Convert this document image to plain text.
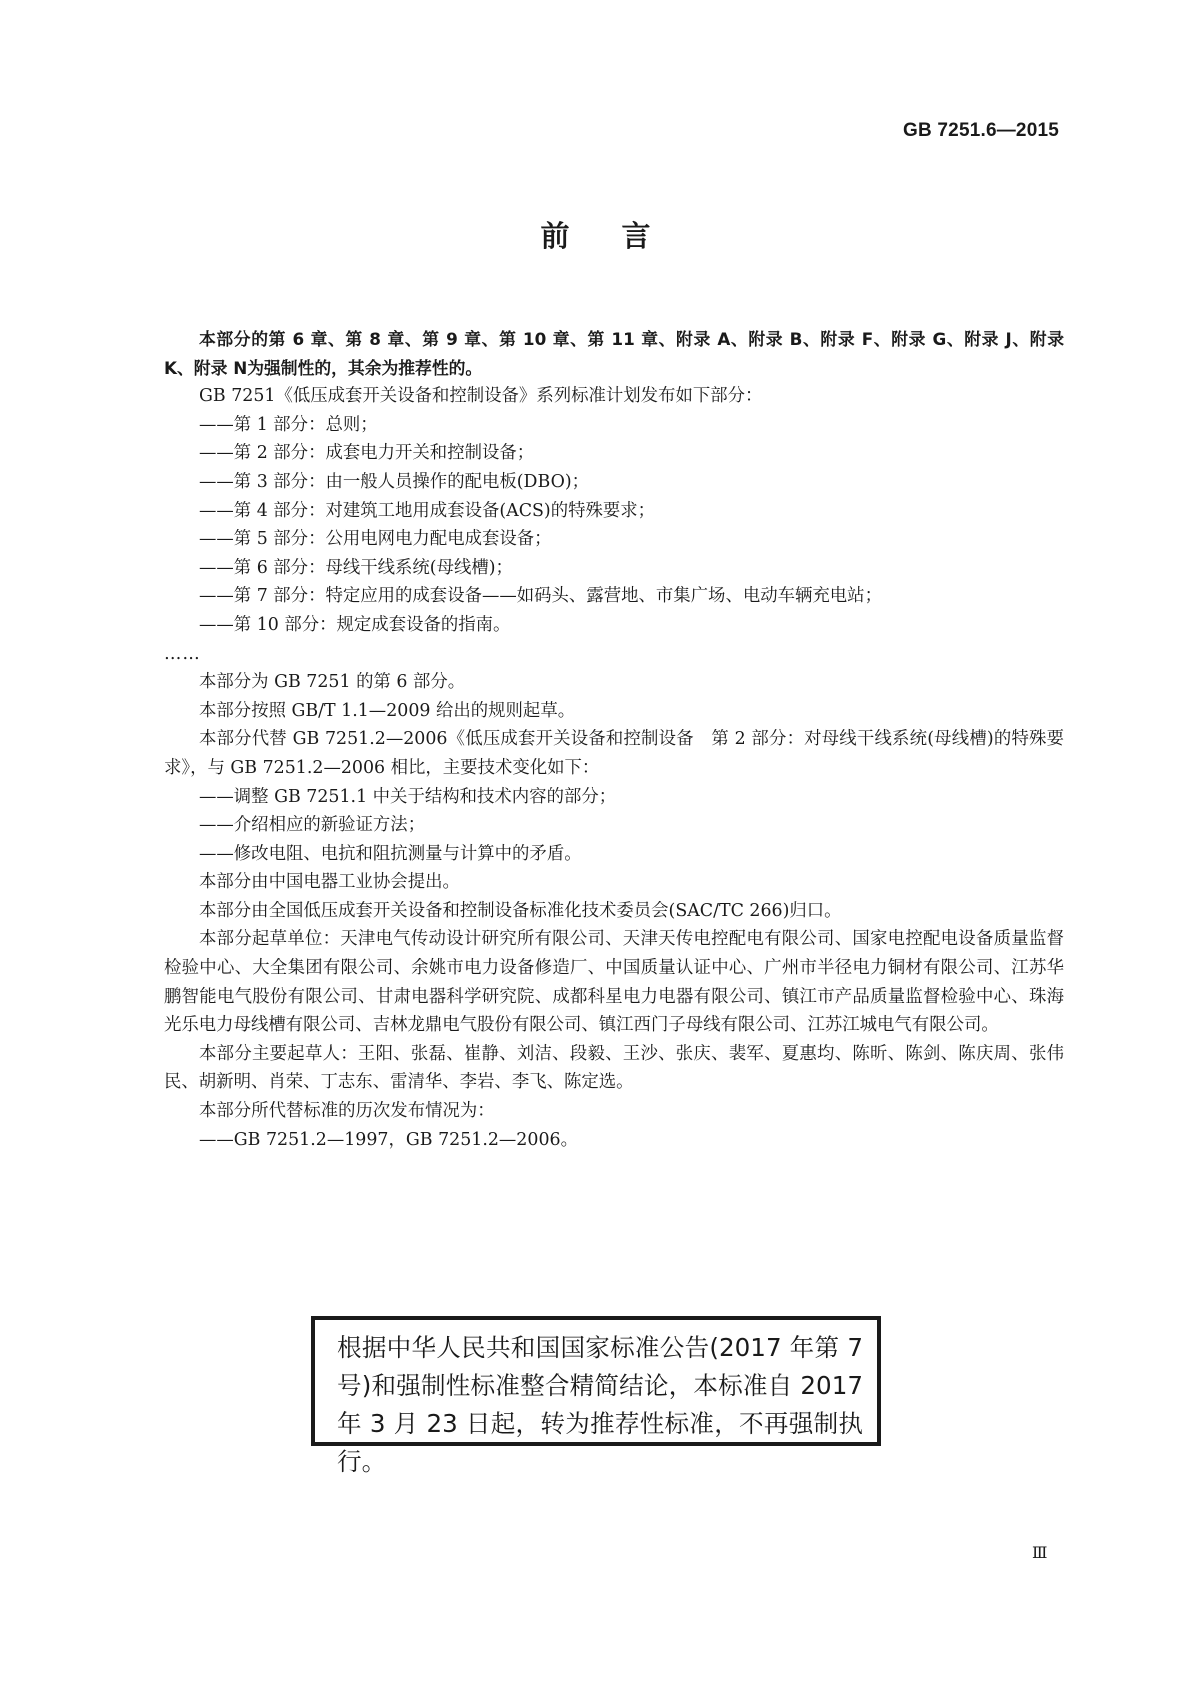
GB 7251.6—2015
前言

本部分的第 6 章、第 8 章、第 9 章、第 10 章、第 11 章、附录 A、附录 B、附录 F、附录 G、附录 J、附录 K、附录 N为强制性的，其余为推荐性的。

GB 7251《低压成套开关设备和控制设备》系列标准计划发布如下部分：

——第 1 部分：总则；

——第 2 部分：成套电力开关和控制设备；

——第 3 部分：由一般人员操作的配电板(DBO)；

——第 4 部分：对建筑工地用成套设备(ACS)的特殊要求；

——第 5 部分：公用电网电力配电成套设备；

——第 6 部分：母线干线系统(母线槽)；

——第 7 部分：特定应用的成套设备——如码头、露营地、市集广场、电动车辆充电站；

——第 10 部分：规定成套设备的指南。

……

本部分为 GB 7251 的第 6 部分。

本部分按照 GB/T 1.1—2009 给出的规则起草。

本部分代替 GB 7251.2—2006《低压成套开关设备和控制设备　第 2 部分：对母线干线系统(母线槽)的特殊要求》，与 GB 7251.2—2006 相比，主要技术变化如下：

——调整 GB 7251.1 中关于结构和技术内容的部分；

——介绍相应的新验证方法；

——修改电阻、电抗和阻抗测量与计算中的矛盾。

本部分由中国电器工业协会提出。

本部分由全国低压成套开关设备和控制设备标准化技术委员会(SAC/TC 266)归口。

本部分起草单位：天津电气传动设计研究所有限公司、天津天传电控配电有限公司、国家电控配电设备质量监督检验中心、大全集团有限公司、余姚市电力设备修造厂、中国质量认证中心、广州市半径电力铜材有限公司、江苏华鹏智能电气股份有限公司、甘肃电器科学研究院、成都科星电力电器有限公司、镇江市产品质量监督检验中心、珠海光乐电力母线槽有限公司、吉林龙鼎电气股份有限公司、镇江西门子母线有限公司、江苏江城电气有限公司。

本部分主要起草人：王阳、张磊、崔静、刘洁、段毅、王沙、张庆、裴军、夏惠均、陈昕、陈剑、陈庆周、张伟民、胡新明、肖荣、丁志东、雷清华、李岩、李飞、陈定选。

本部分所代替标准的历次发布情况为：

——GB 7251.2—1997，GB 7251.2—2006。

根据中华人民共和国国家标准公告(2017 年第 7 号)和强制性标准整合精简结论，本标准自 2017 年 3 月 23 日起，转为推荐性标准，不再强制执行。
Ⅲ
